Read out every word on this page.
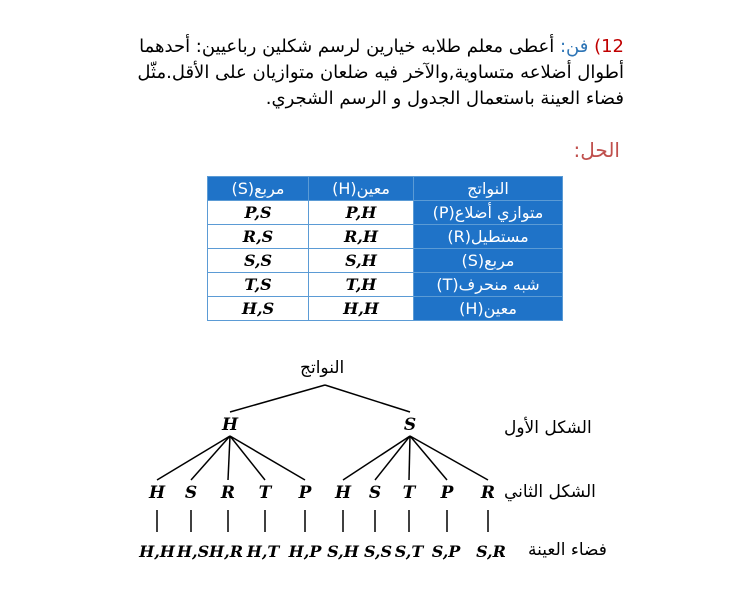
12) فن: أعطى معلم طلابه خيارين لرسم شكلين رباعيين: أحدهما أطوال أضلاعه متساوية,والآخر فيه ضلعان متوازيان على الأقل.مثّل فضاء العينة باستعمال الجدول و الرسم الشجري.
الحل:
النواتج	معين(H)	مربع(S)
متوازي أضلاع(P)	P,H	P,S
مستطيل(R)	R,H	R,S
مربع(S)	S,H	S,S
شبه منحرف(T)	T,H	T,S
معين(H)	H,H	H,S
النواتج
الشكل الأول
الشكل الثاني
فضاء العينة
H	S
H S R T P H S T P R
H,H H,S H,R H,T H,P S,H S,S S,T S,P S,R
